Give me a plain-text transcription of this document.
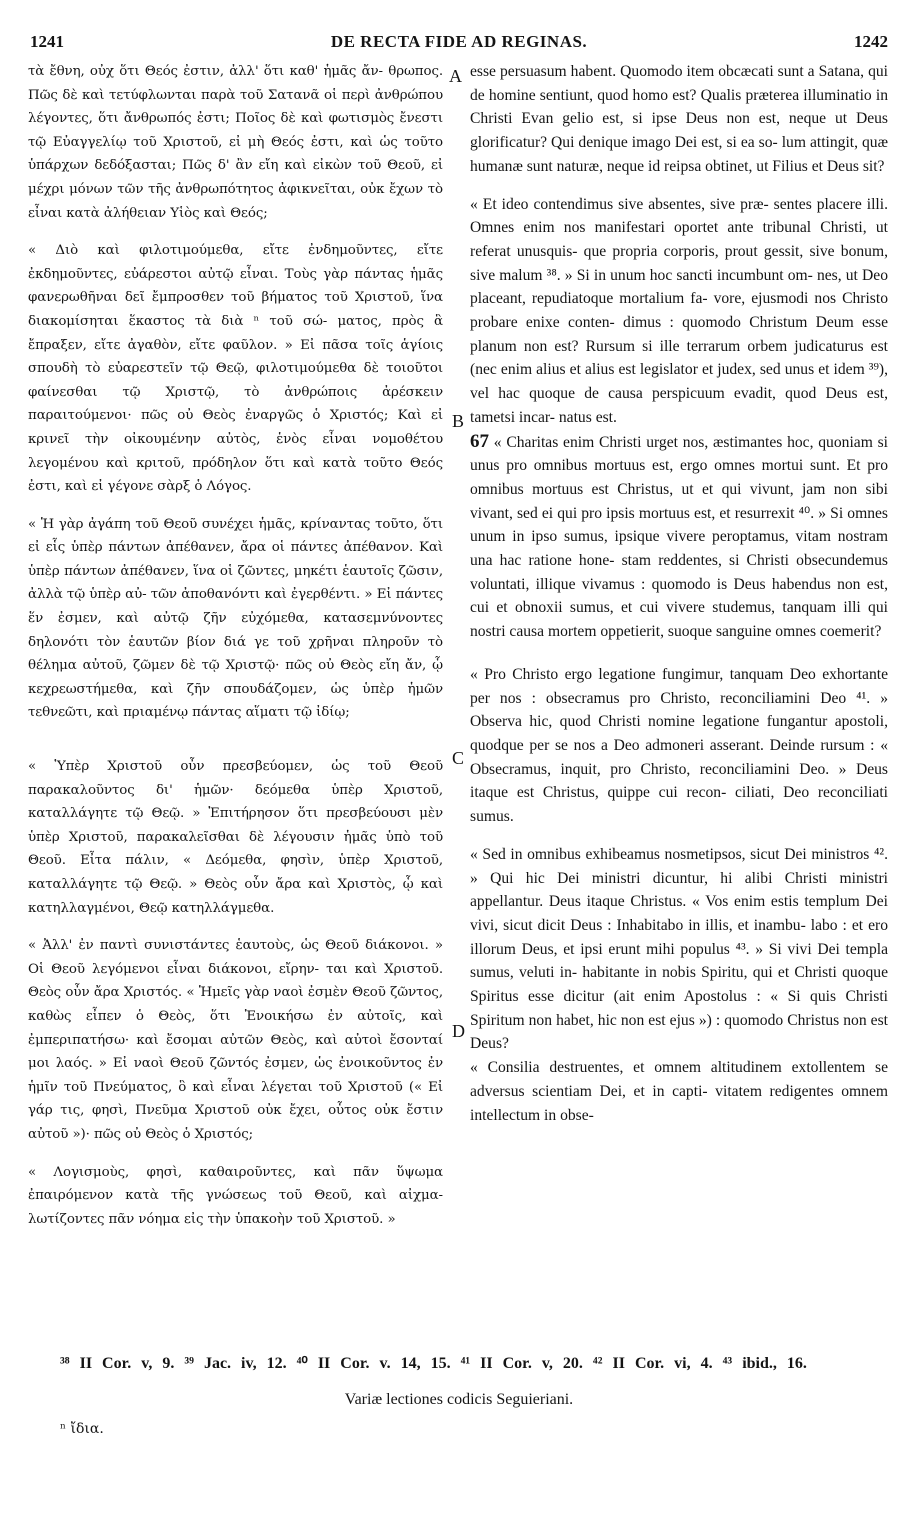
1241	DE RECTA FIDE AD REGINAS.	1242

τὰ ἔθνη, οὐχ ὅτι Θεός ἐστιν, ἀλλ' ὅτι καθ' ἡμᾶς ἄν- θρωπος. Πῶς δὲ καὶ τετύφλωνται παρὰ τοῦ Σατανᾶ οἱ περὶ ἀνθρώπου λέγοντες, ὅτι ἄνθρωπός ἐστι; Ποῖος δὲ καὶ φωτισμὸς ἔνεστι τῷ Εὐαγγελίῳ τοῦ Χριστοῦ, εἰ μὴ Θεός ἐστι, καὶ ὡς τοῦτο ὑπάρχων δεδόξασται; Πῶς δ' ἂν εἴη καὶ εἰκὼν τοῦ Θεοῦ, εἰ μέχρι μόνων τῶν τῆς ἀνθρωπότητος ἀφικνεῖται, οὐκ ἔχων τὸ εἶναι κατὰ ἀλήθειαν Υἱὸς καὶ Θεός;

« Διὸ καὶ φιλοτιμούμεθα, εἴτε ἐνδημοῦντες, εἴτε ἐκδημοῦντες, εὐάρεστοι αὐτῷ εἶναι. Τοὺς γὰρ πάντας ἡμᾶς φανερωθῆναι δεῖ ἔμπροσθεν τοῦ βήματος τοῦ Χριστοῦ, ἵνα διακομίσηται ἕκαστος τὰ διὰ ⁿ τοῦ σώ- ματος, πρὸς ἃ ἔπραξεν, εἴτε ἀγαθὸν, εἴτε φαῦλον. » Εἰ πᾶσα τοῖς ἁγίοις σπουδὴ τὸ εὐαρεστεῖν τῷ Θεῷ, φιλοτιμούμεθα δὲ τοιοῦτοι φαίνεσθαι τῷ Χριστῷ, τὸ ἀνθρώποις ἀρέσκειν παραιτούμενοι· πῶς οὐ Θεὸς ἐναργῶς ὁ Χριστός; Καὶ εἰ κρινεῖ τὴν οἰκουμένην αὐτὸς, ἑνὸς εἶναι νομοθέτου λεγομένου καὶ κριτοῦ, πρόδηλον ὅτι καὶ κατὰ τοῦτο Θεός ἐστι, καὶ εἰ γέγονε σὰρξ ὁ Λόγος.

« Ἡ γὰρ ἀγάπη τοῦ Θεοῦ συνέχει ἡμᾶς, κρίναντας τοῦτο, ὅτι εἰ εἷς ὑπὲρ πάντων ἀπέθανεν, ἄρα οἱ πάντες ἀπέθανον. Καὶ ὑπὲρ πάντων ἀπέθανεν, ἵνα οἱ ζῶντες, μηκέτι ἑαυτοῖς ζῶσιν, ἀλλὰ τῷ ὑπὲρ αὐ- τῶν ἀποθανόντι καὶ ἐγερθέντι. » Εἰ πάντες ἕν ἐσμεν, καὶ αὐτῷ ζῆν εὐχόμεθα, κατασεμνύνοντες δηλονότι τὸν ἑαυτῶν βίον διά γε τοῦ χρῆναι πληροῦν τὸ θέλημα αὐτοῦ, ζῶμεν δὲ τῷ Χριστῷ· πῶς οὐ Θεὸς εἴη ἄν, ᾧ κεχρεωστήμεθα, καὶ ζῆν σπουδάζομεν, ὡς ὑπὲρ ἡμῶν τεθνεῶτι, καὶ πριαμένῳ πάντας αἵματι τῷ ἰδίῳ;

« Ὑπὲρ Χριστοῦ οὖν πρεσβεύομεν, ὡς τοῦ Θεοῦ παρακαλοῦντος δι' ἡμῶν· δεόμεθα ὑπὲρ Χριστοῦ, καταλλάγητε τῷ Θεῷ. » Ἐπιτήρησον ὅτι πρεσβεύουσι μὲν ὑπὲρ Χριστοῦ, παρακαλεῖσθαι δὲ λέγουσιν ἡμᾶς ὑπὸ τοῦ Θεοῦ. Εἶτα πάλιν, « Δεόμεθα, φησὶν, ὑπὲρ Χριστοῦ, καταλλάγητε τῷ Θεῷ. » Θεὸς οὖν ἄρα καὶ Χριστὸς, ᾧ καὶ κατηλλαγμένοι, Θεῷ κατηλλάγμεθα.

« Ἀλλ' ἐν παντὶ συνιστάντες ἑαυτοὺς, ὡς Θεοῦ διάκονοι. » Οἱ Θεοῦ λεγόμενοι εἶναι διάκονοι, εἴρην- ται καὶ Χριστοῦ. Θεὸς οὖν ἄρα Χριστός. « Ἡμεῖς γὰρ ναοὶ ἐσμὲν Θεοῦ ζῶντος, καθὼς εἶπεν ὁ Θεὸς, ὅτι Ἐνοικήσω ἐν αὐτοῖς, καὶ ἐμπεριπατήσω· καὶ ἔσομαι αὐτῶν Θεὸς, καὶ αὐτοὶ ἔσονταί μοι λαός. » Εἰ ναοὶ Θεοῦ ζῶντός ἐσμεν, ὡς ἐνοικοῦντος ἐν ἡμῖν τοῦ Πνεύματος, ὃ καὶ εἶναι λέγεται τοῦ Χριστοῦ (« Εἰ γάρ τις, φησὶ, Πνεῦμα Χριστοῦ οὐκ ἔχει, οὗτος οὐκ ἔστιν αὐτοῦ »)· πῶς οὐ Θεὸς ὁ Χριστός;

« Λογισμοὺς, φησὶ, καθαιροῦντες, καὶ πᾶν ὕψωμα ἐπαιρόμενον κατὰ τῆς γνώσεως τοῦ Θεοῦ, καὶ αἰχμα- λωτίζοντες πᾶν νόημα εἰς τὴν ὑπακοὴν τοῦ Χριστοῦ. »

esse persuasum habent. Quomodo item obcæcati sunt a Satana, qui de homine sentiunt, quod homo est? Qualis præterea illuminatio in Christi Evan gelio est, si ipse Deus non est, neque ut Deus glorificatur? Qui denique imago Dei est, si ea so- lum attingit, quæ humanæ sunt naturæ, neque id reipsa obtinet, ut Filius et Deus sit?

« Et ideo contendimus sive absentes, sive præ- sentes placere illi. Omnes enim nos manifestari oportet ante tribunal Christi, ut referat unusquis- que propria corporis, prout gessit, sive bonum, sive malum ³⁸. » Si in unum hoc sancti incumbunt om- nes, ut Deo placeant, repudiatoque mortalium fa- vore, ejusmodi nos Christo probare enixe conten- dimus : quomodo Christum Deum esse planum non est? Rursum si ille terrarum orbem judicaturus est (nec enim alius et alius est legislator et judex, sed unus et idem ³⁹), vel hac quoque de causa perspicuum evadit, quod Deus est, tametsi incar- natus est.

67 « Charitas enim Christi urget nos, æstimantes hoc, quoniam si unus pro omnibus mortuus est, ergo omnes mortui sunt. Et pro omnibus mortuus est Christus, ut et qui vivunt, jam non sibi vivant, sed ei qui pro ipsis mortuus est, et resurrexit ⁴⁰. » Si omnes unum in ipso sumus, ipsique vivere peroptamus, vitam nostram una hac ratione hone- stam reddentes, si Christi obsecundemus voluntati, illique vivamus : quomodo is Deus habendus non est, cui et obnoxii sumus, et cui vivere studemus, tanquam illi qui nostri causa mortem oppetierit, suoque sanguine omnes coemerit?

« Pro Christo ergo legatione fungimur, tanquam Deo exhortante per nos : obsecramus pro Christo, reconciliamini Deo ⁴¹. » Observa hic, quod Christi nomine legatione fungantur apostoli, quodque per se nos a Deo admoneri asserant. Deinde rursum : « Obsecramus, inquit, pro Christo, reconciliamini Deo. » Deus itaque est Christus, quippe cui recon- ciliati, Deo reconciliati sumus.

« Sed in omnibus exhibeamus nosmetipsos, sicut Dei ministros ⁴². » Qui hic Dei ministri dicuntur, hi alibi Christi ministri appellantur. Deus itaque Christus. « Vos enim estis templum Dei vivi, sicut dicit Deus : Inhabitabo in illis, et inambu- labo : et ero illorum Deus, et ipsi erunt mihi populus ⁴³. » Si vivi Dei templa sumus, veluti in- habitante in nobis Spiritu, qui et Christi quoque Spiritus esse dicitur (ait enim Apostolus : « Si quis Christi Spiritum non habet, hic non est ejus ») : quomodo Christus non est Deus?

« Consilia destruentes, et omnem altitudinem extollentem se adversus scientiam Dei, et in capti- vitatem redigentes omnem intellectum in obse-

A
B
C
D
³⁸ II Cor. v, 9. ³⁹ Jac. iv, 12. ⁴⁰ II Cor. v. 14, 15. ⁴¹ II Cor. v, 20. ⁴² II Cor. vi, 4. ⁴³ ibid., 16.
Variæ lectiones codicis Seguieriani.
ⁿ ἴδια.
